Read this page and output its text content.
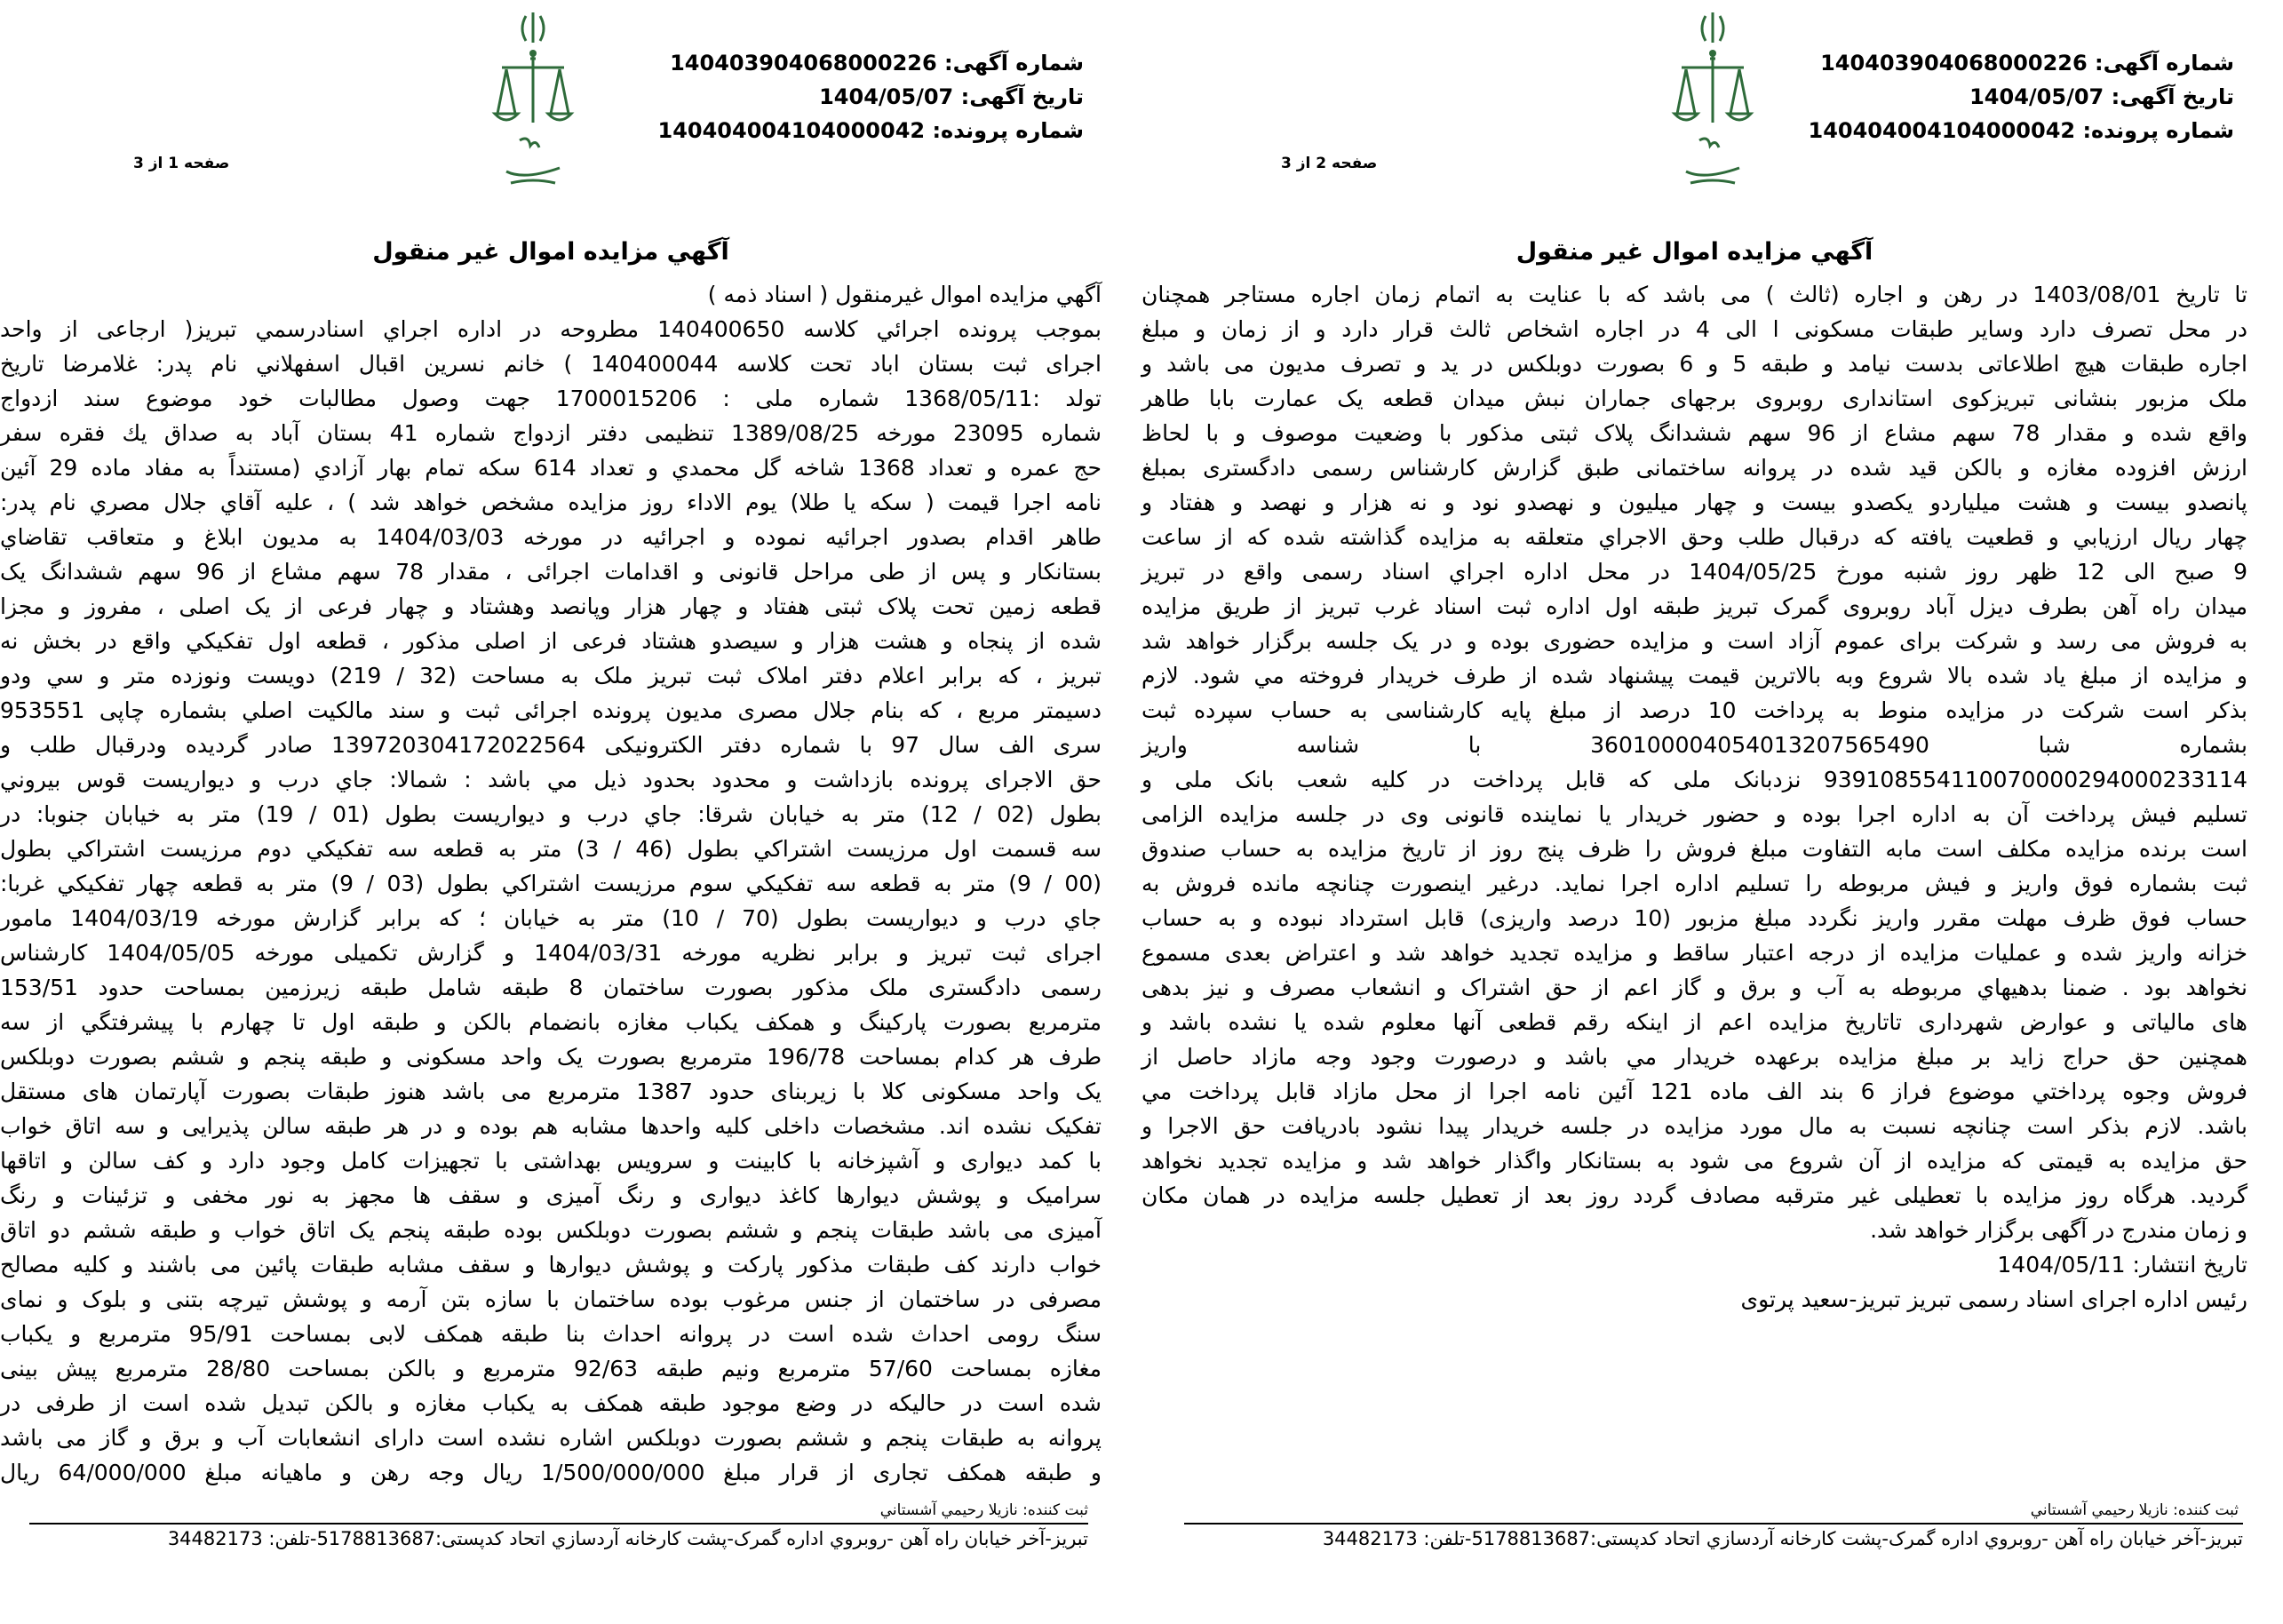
شماره آگهی: 140403904068000226
تاریخ آگهی: 1404/05/07
شماره پرونده: 140404004104000042
صفحه 2 از 3
آگهي مزايده اموال غير منقول
تا تاریخ 1403/08/01 در رهن و اجاره (ثالث ) می باشد که با عنایت به اتمام زمان اجاره مستاجر همچنان
در محل تصرف دارد وسایر طبقات مسکونی ا الی 4 در اجاره اشخاص ثالث قرار دارد و از زمان و مبلغ
اجاره طبقات هیچ اطلاعاتی بدست نیامد و طبقه 5 و 6 بصورت دوبلکس در ید و تصرف مدیون می باشد و
ملک مزبور بنشانی تبریزکوی استانداری روبروی برجهای جماران نبش میدان قطعه یک عمارت بابا طاهر
واقع شده و مقدار 78 سهم مشاع از 96 سهم ششدانگ پلاک ثبتی مذکور با وضعیت موصوف و با لحاظ
ارزش افزوده مغازه و بالکن قید شده در پروانه ساختمانی طبق گزارش کارشناس رسمی دادگستری بمبلغ
پانصدو بیست و هشت میلیاردو یکصدو بیست و چهار میلیون و نهصدو نود و نه هزار و نهصد و هفتاد و
چهار ریال ارزیابي و قطعیت یافته که درقبال طلب وحق الاجراي متعلقه به مزایده گذاشته شده که از ساعت
9 صبح الی 12 ظهر روز شنبه مورخ 1404/05/25 در محل اداره اجراي اسناد رسمی واقع در تبریز
میدان راه آهن بطرف دیزل آباد روبروی گمرک تبریز طبقه اول اداره ثبت اسناد غرب تبریز از طریق مزایده
به فروش می رسد و شرکت برای عموم آزاد است و مزایده حضوری بوده و در یک جلسه برگزار خواهد شد
و مزایده از مبلغ یاد شده بالا شروع وبه بالاترین قیمت پیشنهاد شده از طرف خریدار فروخته مي شود. لازم
بذکر است شرکت در مزایده منوط به پرداخت 10 درصد از مبلغ پایه کارشناسی به حساب سپرده ثبت
بشماره شبا 360100004054013207565490 با شناسه واریز
939108554110070000294000233114 نزدبانک ملی که قابل پرداخت در کلیه شعب بانک ملی و
تسلیم فیش پرداخت آن به اداره اجرا بوده و حضور خریدار یا نماینده قانونی وی در جلسه مزایده الزامی
است برنده مزایده مکلف است مابه التفاوت مبلغ فروش را ظرف پنج روز از تاریخ مزایده به حساب صندوق
ثبت بشماره فوق واریز و فیش مربوطه را تسلیم اداره اجرا نماید. درغیر اینصورت چنانچه مانده فروش به
حساب فوق ظرف مهلت مقرر واریز نگردد مبلغ مزبور (10 درصد واریزی) قابل استرداد نبوده و به حساب
خزانه واریز شده و عملیات مزایده از درجه اعتبار ساقط و مزایده تجدید خواهد شد و اعتراض بعدی مسموع
نخواهد بود . ضمنا بدهیهاي مربوطه به آب و برق و گاز اعم از حق اشتراک و انشعاب مصرف و نیز بدهی
های مالیاتی و عوارض شهرداری تاتاریخ مزایده اعم از اینکه رقم قطعی آنها معلوم شده یا نشده باشد و
همچنین حق حراج زاید بر مبلغ مزایده برعهده خریدار مي باشد و درصورت وجود وجه مازاد حاصل از
فروش وجوه پرداختي موضوع فراز 6 بند الف ماده 121 آئین نامه اجرا از محل مازاد قابل پرداخت مي
باشد. لازم بذکر است چنانچه نسبت به مال مورد مزایده در جلسه خریدار پیدا نشود بادریافت حق الاجرا و
حق مزایده به قیمتی که مزایده از آن شروع می شود به بستانکار واگذار خواهد شد و مزایده تجدید نخواهد
گردید. هرگاه روز مزایده با تعطیلی غیر مترقبه مصادف گردد روز بعد از تعطیل جلسه مزایده در همان مکان
و زمان مندرج در آگهی برگزار خواهد شد.
تاریخ انتشار: 1404/05/11
رئیس اداره اجرای اسناد رسمی تبریز تبریز-سعید پرتوی
ثبت کننده: نازيلا رحيمي آشستاني
تبریز-آخر خیابان راه آهن -روبروي اداره گمرک-پشت کارخانه آردسازي اتحاد کدپستی:5178813687-تلفن: 34482173
شماره آگهی: 140403904068000226
تاریخ آگهی: 1404/05/07
شماره پرونده: 140404004104000042
صفحه 1 از 3
آگهي مزايده اموال غير منقول
آگهي مزايده اموال غيرمنقول ( اسناد ذمه )
بموجب پرونده اجرائي كلاسه 140400650 مطروحه در اداره اجراي اسنادرسمي تبريز( ارجاعی از واحد
اجرای ثبت بستان اباد تحت كلاسه 140400044 ) خانم نسرين اقبال اسفهلاني نام پدر: غلامرضا تاريخ
تولد :1368/05/11 شماره ملی : 1700015206 جهت وصول مطالبات خود موضوع سند ازدواج
شماره 23095 مورخه 1389/08/25 تنظیمی دفتر ازدواج شماره 41 بستان آباد به صداق يك فقره سفر
حج عمره و تعداد 1368 شاخه گل محمدي و تعداد 614 سكه تمام بهار آزادي (مستنداً به مفاد ماده 29 آئين
نامه اجرا قيمت ( سكه يا طلا) يوم الاداء روز مزايده مشخص خواهد شد ) ، عليه آقاي جلال مصري نام پدر:
طاهر اقدام بصدور اجرائيه نموده و اجرائيه در مورخه 1404/03/03 به مديون ابلاغ و متعاقب تقاضاي
بستانكار و پس از طی مراحل قانونی و اقدامات اجرائی ، مقدار 78 سهم مشاع از 96 سهم ششدانگ يک
قطعه زمين تحت پلاک ثبتی هفتاد و چهار هزار وپانصد وهشتاد و چهار فرعی از يک اصلی ، مفروز و مجزا
شده از پنجاه و هشت هزار و سيصدو هشتاد فرعی از اصلی مذکور ، قطعه اول تفکيکي واقع در بخش نه
تبريز ، كه برابر اعلام دفتر املاک ثبت تبريز ملک به مساحت (32 / 219) دويست ونوزده متر و سي ودو
دسيمتر مربع ، كه بنام جلال مصری مديون پرونده اجرائی ثبت و سند مالكيت اصلي بشماره چاپی 953551
سری الف سال 97 با شماره دفتر الكترونيكی 139720304172022564 صادر گرديده ودرقبال طلب و
حق الاجرای پرونده بازداشت و محدود بحدود ذيل مي باشد : شمالا: جاي درب و ديواريست قوس بيروني
بطول (02 / 12) متر به خيابان شرقا: جاي درب و ديواريست بطول (01 / 19) متر به خيابان جنوبا: در
سه قسمت اول مرزيست اشتراكي بطول (46 / 3) متر به قطعه سه تفكيكي دوم مرزيست اشتراكي بطول
(00 / 9) متر به قطعه سه تفكيكي سوم مرزيست اشتراكي بطول (03 / 9) متر به قطعه چهار تفكيكي غربا:
جاي درب و ديواريست بطول (70 / 10) متر به خيابان ؛ كه برابر گزارش مورخه 1404/03/19 مامور
اجرای ثبت تبريز و برابر نظريه مورخه 1404/03/31 و گزارش تكميلی مورخه 1404/05/05 كارشناس
رسمی دادگستری ملک مذكور بصورت ساختمان 8 طبقه شامل طبقه زيرزمين بمساحت حدود 153/51
مترمربع بصورت پاركينگ و همكف يكباب مغازه بانضمام بالكن و طبقه اول تا چهارم با پيشرفتگي از سه
طرف هر كدام بمساحت 196/78 مترمربع بصورت يک واحد مسكونی و طبقه پنجم و ششم بصورت دوبلكس
يک واحد مسكونی كلا با زيربنای حدود 1387 مترمربع می باشد هنوز طبقات بصورت آپارتمان های مستقل
تفكيک نشده اند. مشخصات داخلی كليه واحدها مشابه هم بوده و در هر طبقه سالن پذيرايی و سه اتاق خواب
با كمد ديواری و آشپزخانه با كابينت و سرويس بهداشتی با تجهيزات كامل وجود دارد و كف سالن و اتاقها
سراميک و پوشش ديوارها كاغذ ديواری و رنگ آميزی و سقف ها مجهز به نور مخفی و تزئينات و رنگ
آميزی می باشد طبقات پنجم و ششم بصورت دوبلكس بوده طبقه پنجم يک اتاق خواب و طبقه ششم دو اتاق
خواب دارند كف طبقات مذكور پاركت و پوشش ديوارها و سقف مشابه طبقات پائين می باشند و كليه مصالح
مصرفی در ساختمان از جنس مرغوب بوده ساختمان با سازه بتن آرمه و پوشش تيرچه بتنی و بلوک و نمای
سنگ رومی احداث شده است در پروانه احداث بنا طبقه همكف لابی بمساحت 95/91 مترمربع و يكباب
مغازه بمساحت 57/60 مترمربع ونيم طبقه 92/63 مترمربع و بالكن بمساحت 28/80 مترمربع پيش بينی
شده است در حاليكه در وضع موجود طبقه همكف به يكباب مغازه و بالكن تبديل شده است از طرفی در
پروانه به طبقات پنجم و ششم بصورت دوبلكس اشاره نشده است دارای انشعابات آب و برق و گاز می باشد
و طبقه همكف تجاری از قرار مبلغ 1/500/000/000 ريال وجه رهن و ماهيانه مبلغ 64/000/000 ريال
ثبت کننده: نازيلا رحيمي آشستاني
تبریز-آخر خیابان راه آهن -روبروي اداره گمرک-پشت کارخانه آردسازي اتحاد کدپستی:5178813687-تلفن: 34482173
